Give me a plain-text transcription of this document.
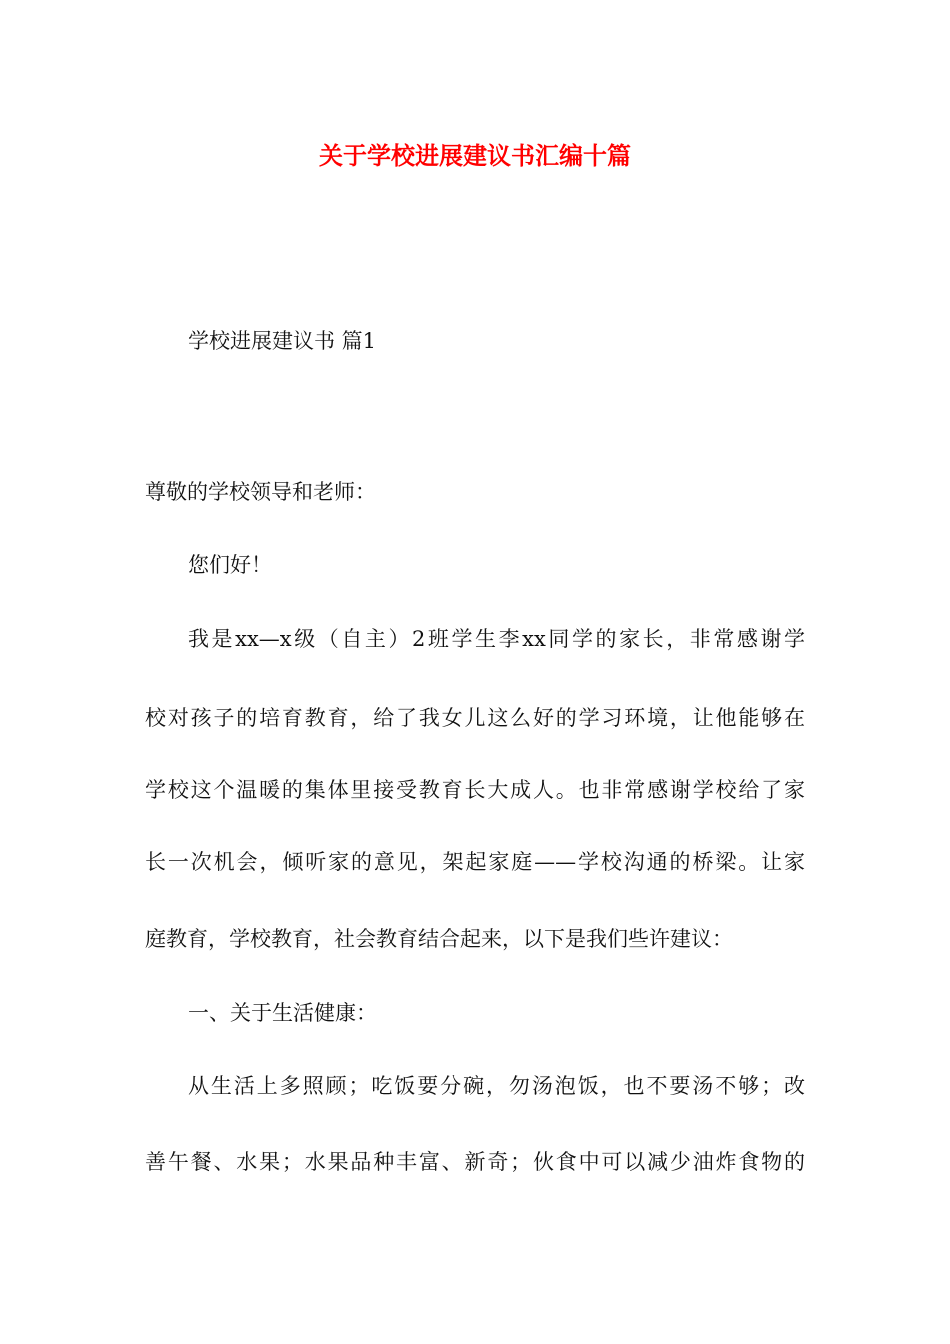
关于学校进展建议书汇编十篇

学校进展建议书 篇1

尊敬的学校领导和老师：

您们好！

我是xx—x级（自主）2班学生李xx同学的家长，非常感谢学

校对孩子的培育教育，给了我女儿这么好的学习环境，让他能够在

学校这个温暖的集体里接受教育长大成人。也非常感谢学校给了家

长一次机会，倾听家的意见，架起家庭——学校沟通的桥梁。让家

庭教育，学校教育，社会教育结合起来，以下是我们些许建议：

一、关于生活健康：

从生活上多照顾；吃饭要分碗，勿汤泡饭，也不要汤不够；改

善午餐、水果；水果品种丰富、新奇；伙食中可以减少油炸食物的
